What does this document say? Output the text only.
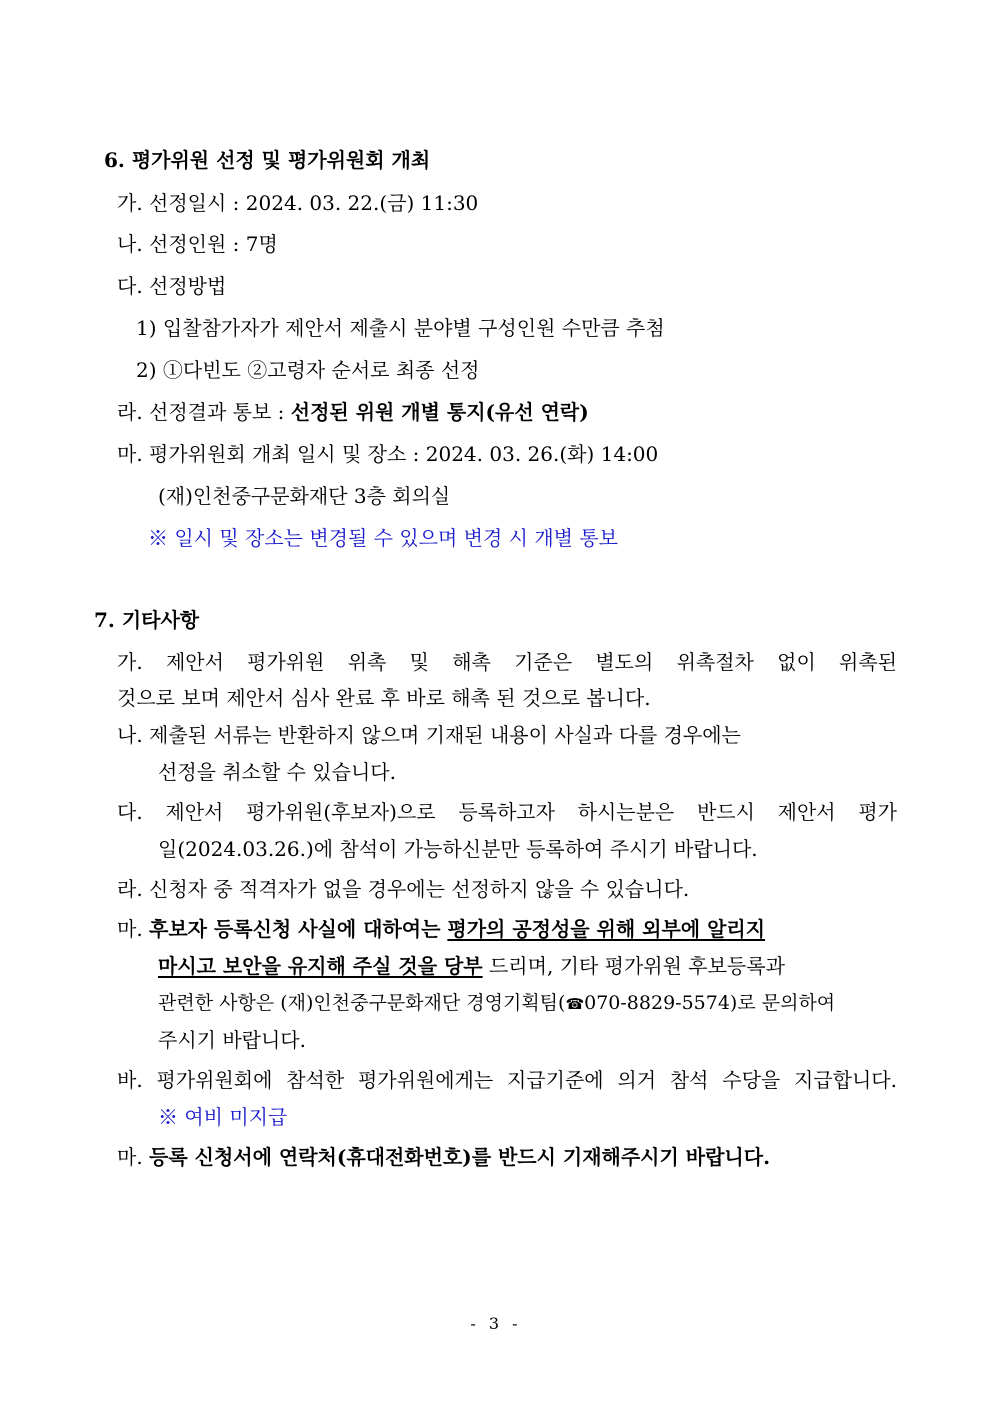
6. 평가위원 선정 및 평가위원회 개최
가. 선정일시 : 2024. 03. 22.(금) 11:30
나. 선정인원 : 7명
다. 선정방법
1) 입찰참가자가 제안서 제출시 분야별 구성인원 수만큼 추첨
2) ①다빈도 ②고령자 순서로 최종 선정
라. 선정결과 통보 : 선정된 위원 개별 통지(유선 연락)
마. 평가위원회 개최 일시 및 장소 : 2024. 03. 26.(화) 14:00
(재)인천중구문화재단 3층 회의실
※ 일시 및 장소는 변경될 수 있으며 변경 시 개별 통보
7. 기타사항
가. 제안서 평가위원 위촉 및 해촉 기준은 별도의 위촉절차 없이 위촉된
것으로 보며 제안서 심사 완료 후 바로 해촉 된 것으로 봅니다.
나. 제출된 서류는 반환하지 않으며 기재된 내용이 사실과 다를 경우에는
선정을 취소할 수 있습니다.
다. 제안서 평가위원(후보자)으로 등록하고자 하시는분은 반드시 제안서 평가
일(2024.03.26.)에 참석이 가능하신분만 등록하여 주시기 바랍니다.
라. 신청자 중 적격자가 없을 경우에는 선정하지 않을 수 있습니다.
마. 후보자 등록신청 사실에 대하여는 평가의 공정성을 위해 외부에 알리지
마시고 보안을 유지해 주실 것을 당부 드리며, 기타 평가위원 후보등록과
관련한 사항은 (재)인천중구문화재단 경영기획팀(☎070-8829-5574)로 문의하여
주시기 바랍니다.
바. 평가위원회에 참석한 평가위원에게는 지급기준에 의거 참석 수당을 지급합니다.
※ 여비 미지급
마. 등록 신청서에 연락처(휴대전화번호)를 반드시 기재해주시기 바랍니다.
- 3 -
